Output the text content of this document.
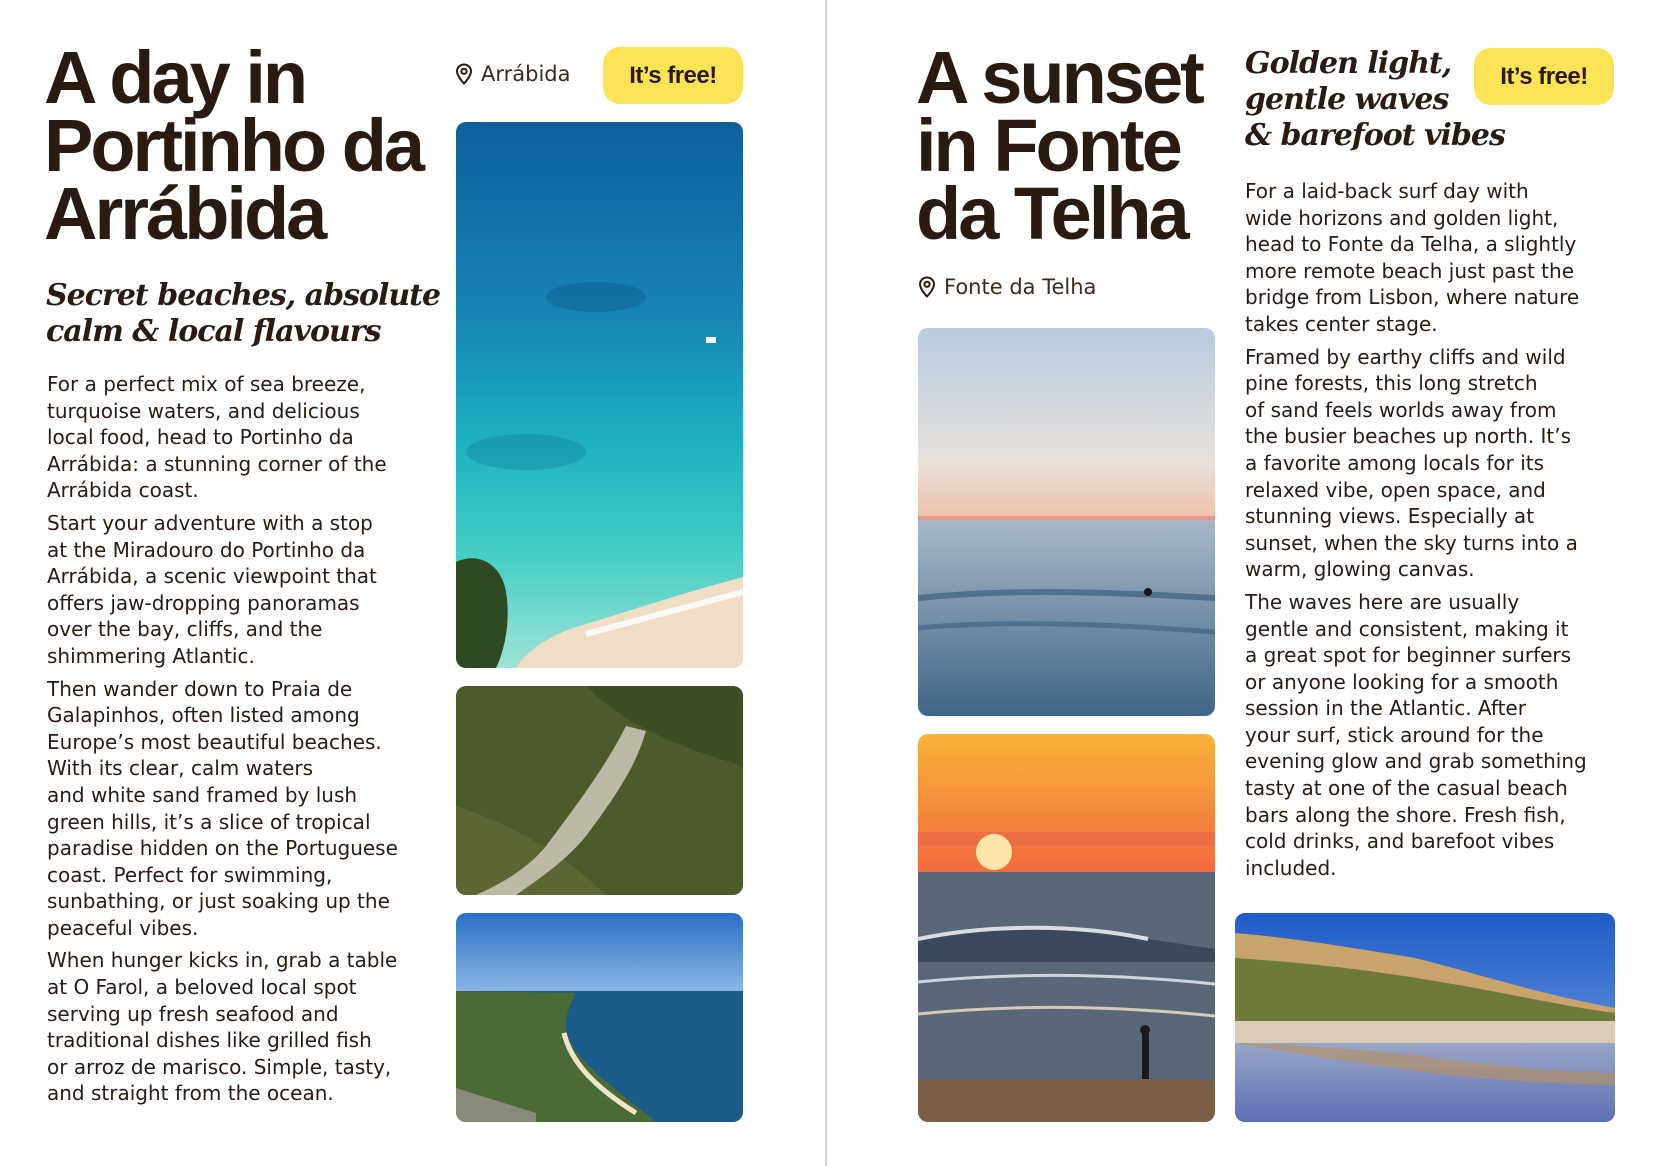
A day in
Portinho da
Arrábida
Arrábida	It’s free!
Secret beaches, absolute
calm & local flavours

For a perfect mix of sea breeze,
turquoise waters, and delicious
local food, head to Portinho da
Arrábida: a stunning corner of the
Arrábida coast.

Start your adventure with a stop
at the Miradouro do Portinho da
Arrábida, a scenic viewpoint that
offers jaw-dropping panoramas
over the bay, cliffs, and the
shimmering Atlantic.

Then wander down to Praia de
Galapinhos, often listed among
Europe’s most beautiful beaches.
With its clear, calm waters
and white sand framed by lush
green hills, it’s a slice of tropical
paradise hidden on the Portuguese
coast. Perfect for swimming,
sunbathing, or just soaking up the
peaceful vibes.

When hunger kicks in, grab a table
at O Farol, a beloved local spot
serving up fresh seafood and
traditional dishes like grilled fish
or arroz de marisco. Simple, tasty,
and straight from the ocean.

A sunset
in Fonte
da Telha
Fonte da Telha
Golden light,
gentle waves
& barefoot vibes
It’s free!

For a laid-back surf day with
wide horizons and golden light,
head to Fonte da Telha, a slightly
more remote beach just past the
bridge from Lisbon, where nature
takes center stage.

Framed by earthy cliffs and wild
pine forests, this long stretch
of sand feels worlds away from
the busier beaches up north. It’s
a favorite among locals for its
relaxed vibe, open space, and
stunning views. Especially at
sunset, when the sky turns into a
warm, glowing canvas.

The waves here are usually
gentle and consistent, making it
a great spot for beginner surfers
or anyone looking for a smooth
session in the Atlantic. After
your surf, stick around for the
evening glow and grab something
tasty at one of the casual beach
bars along the shore. Fresh fish,
cold drinks, and barefoot vibes
included.
